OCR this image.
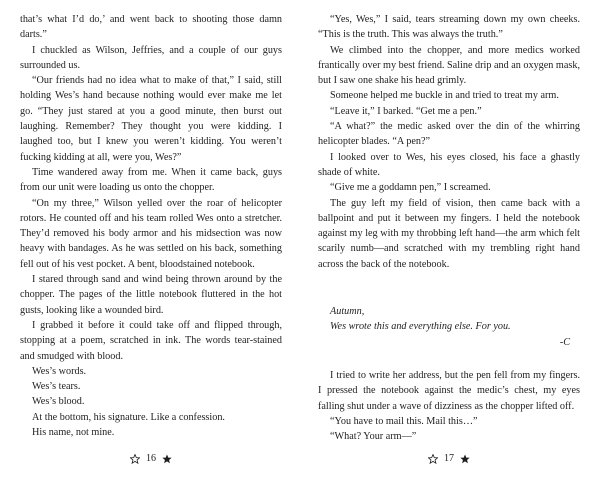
that’s what I’d do,’ and went back to shooting those damn darts.”

I chuckled as Wilson, Jeffries, and a couple of our guys surrounded us.

“Our friends had no idea what to make of that,” I said, still holding Wes’s hand because nothing would ever make me let go. “They just stared at you a good minute, then burst out laughing. Remember? They thought you were kidding. I laughed too, but I knew you weren’t kidding. You weren’t fucking kidding at all, were you, Wes?”

Time wandered away from me. When it came back, guys from our unit were loading us onto the chopper.

“On my three,” Wilson yelled over the roar of helicopter rotors. He counted off and his team rolled Wes onto a stretcher. They’d removed his body armor and his midsection was now heavy with bandages. As he was settled on his back, something fell out of his vest pocket. A bent, bloodstained notebook.

I stared through sand and wind being thrown around by the chopper. The pages of the little notebook fluttered in the hot gusts, looking like a wounded bird.

I grabbed it before it could take off and flipped through, stopping at a poem, scratched in ink. The words tear-stained and smudged with blood.

Wes’s words.

Wes’s tears.

Wes’s blood.

At the bottom, his signature. Like a confession.

His name, not mine.

16

“Yes, Wes,” I said, tears streaming down my own cheeks. “This is the truth. This was always the truth.”

We climbed into the chopper, and more medics worked frantically over my best friend. Saline drip and an oxygen mask, but I saw one shake his head grimly.

Someone helped me buckle in and tried to treat my arm.

“Leave it,” I barked. “Get me a pen.”

“A what?” the medic asked over the din of the whirring helicopter blades. “A pen?”

I looked over to Wes, his eyes closed, his face a ghastly shade of white.

“Give me a goddamn pen,” I screamed.

The guy left my field of vision, then came back with a ballpoint and put it between my fingers. I held the notebook against my leg with my throbbing left hand—the arm which felt scarily numb—and scratched with my trembling right hand across the back of the notebook.

Autumn,
Wes wrote this and everything else. For you.
-C

I tried to write her address, but the pen fell from my fingers. I pressed the notebook against the medic’s chest, my eyes falling shut under a wave of dizziness as the chopper lifted off.

“You have to mail this. Mail this…”

“What? Your arm—”

17
